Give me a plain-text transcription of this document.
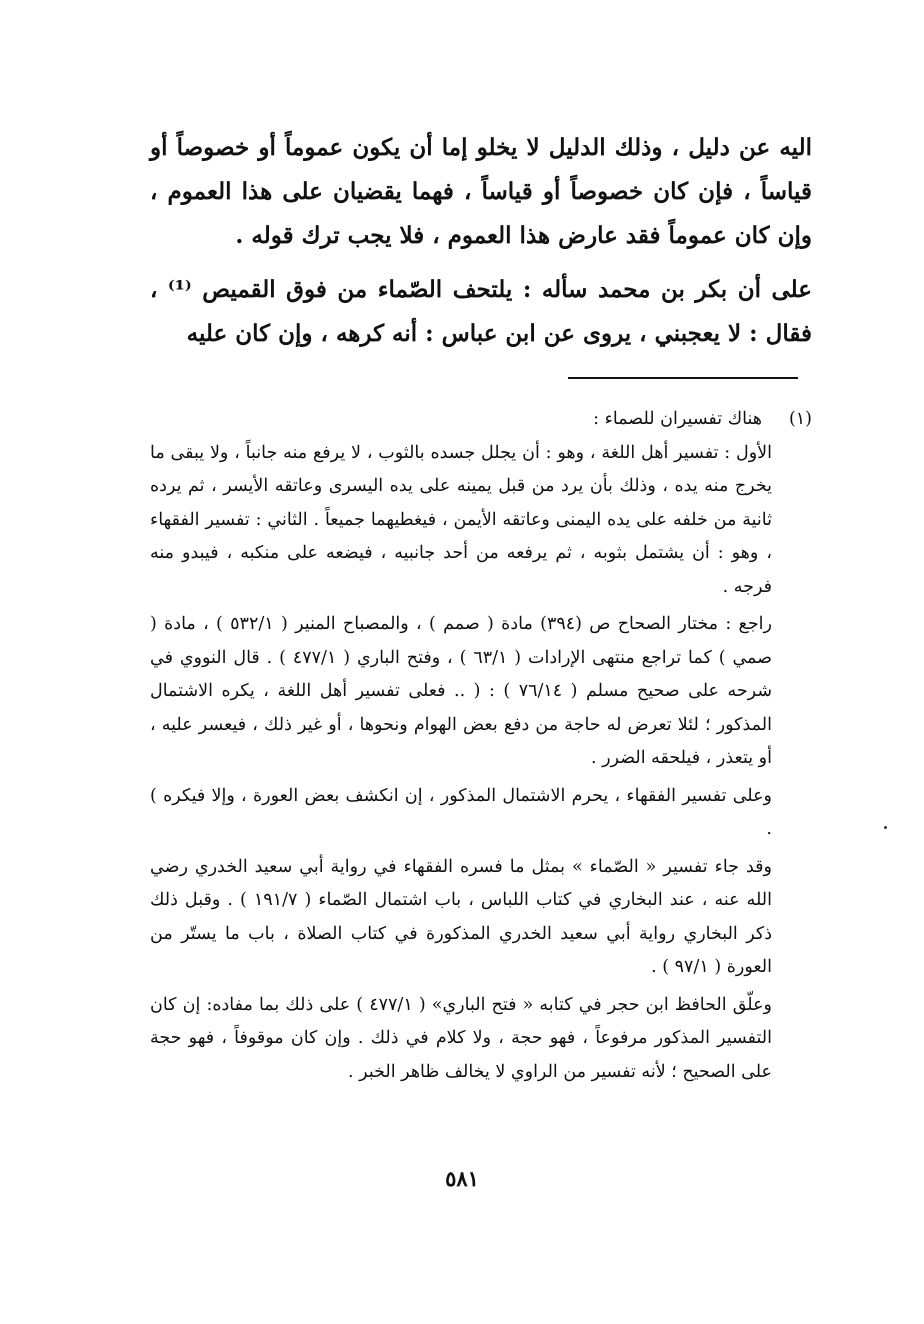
اليه عن دليل ، وذلك الدليل لا يخلو إما أن يكون عموماً أو خصوصاً أو قياساً ، فإن كان خصوصاً أو قياساً ، فهما يقضيان على هذا العموم ، وإن كان عموماً فقد عارض هذا العموم ، فلا يجب ترك قوله .

على أن بكر بن محمد سأله : يلتحف الصّماء من فوق القميص ⁽¹⁾ ، فقال : لا يعجبني ، يروى عن ابن عباس : أنه كرهه ، وإن كان عليه

(١)
هناك تفسيران للصماء :

الأول : تفسير أهل اللغة ، وهو : أن يجلل جسده بالثوب ، لا يرفع منه جانباً ، ولا يبقى ما يخرج منه يده ، وذلك بأن يرد من قبل يمينه على يده اليسرى وعاتقه الأيسر ، ثم يرده ثانية من خلفه على يده اليمنى وعاتقه الأيمن ، فيغطيهما جميعاً . الثاني : تفسير الفقهاء ، وهو : أن يشتمل بثوبه ، ثم يرفعه من أحد جانبيه ، فيضعه على منكبه ، فيبدو منه فرجه .

راجع : مختار الصحاح ص (٣٩٤) مادة ( صمم ) ، والمصباح المنير ( ٥٣٢/١ ) ، مادة ( صمي ) كما تراجع منتهى الإرادات ( ٦٣/١ ) ، وفتح الباري ( ٤٧٧/١ ) . قال النووي في شرحه على صحيح مسلم ( ٧٦/١٤ ) : ( .. فعلى تفسير أهل اللغة ، يكره الاشتمال المذكور ؛ لئلا تعرض له حاجة من دفع بعض الهوام ونحوها ، أو غير ذلك ، فيعسر عليه ، أو يتعذر ، فيلحقه الضرر .

وعلى تفسير الفقهاء ، يحرم الاشتمال المذكور ، إن انكشف بعض العورة ، وإلا فيكره ) .

وقد جاء تفسير « الصّماء » بمثل ما فسره الفقهاء في رواية أبي سعيد الخدري رضي الله عنه ، عند البخاري في كتاب اللباس ، باب اشتمال الصّماء ( ١٩١/٧ ) . وقبل ذلك ذكر البخاري رواية أبي سعيد الخدري المذكورة في كتاب الصلاة ، باب ما يستّر من العورة ( ٩٧/١ ) .

وعلّق الحافظ ابن حجر في كتابه « فتح الباري» ( ٤٧٧/١ ) على ذلك بما مفاده: إن كان التفسير المذكور مرفوعاً ، فهو حجة ، ولا كلام في ذلك . وإن كان موقوفاً ، فهو حجة على الصحيح ؛ لأنه تفسير من الراوي لا يخالف ظاهر الخبر .

٥٨١
